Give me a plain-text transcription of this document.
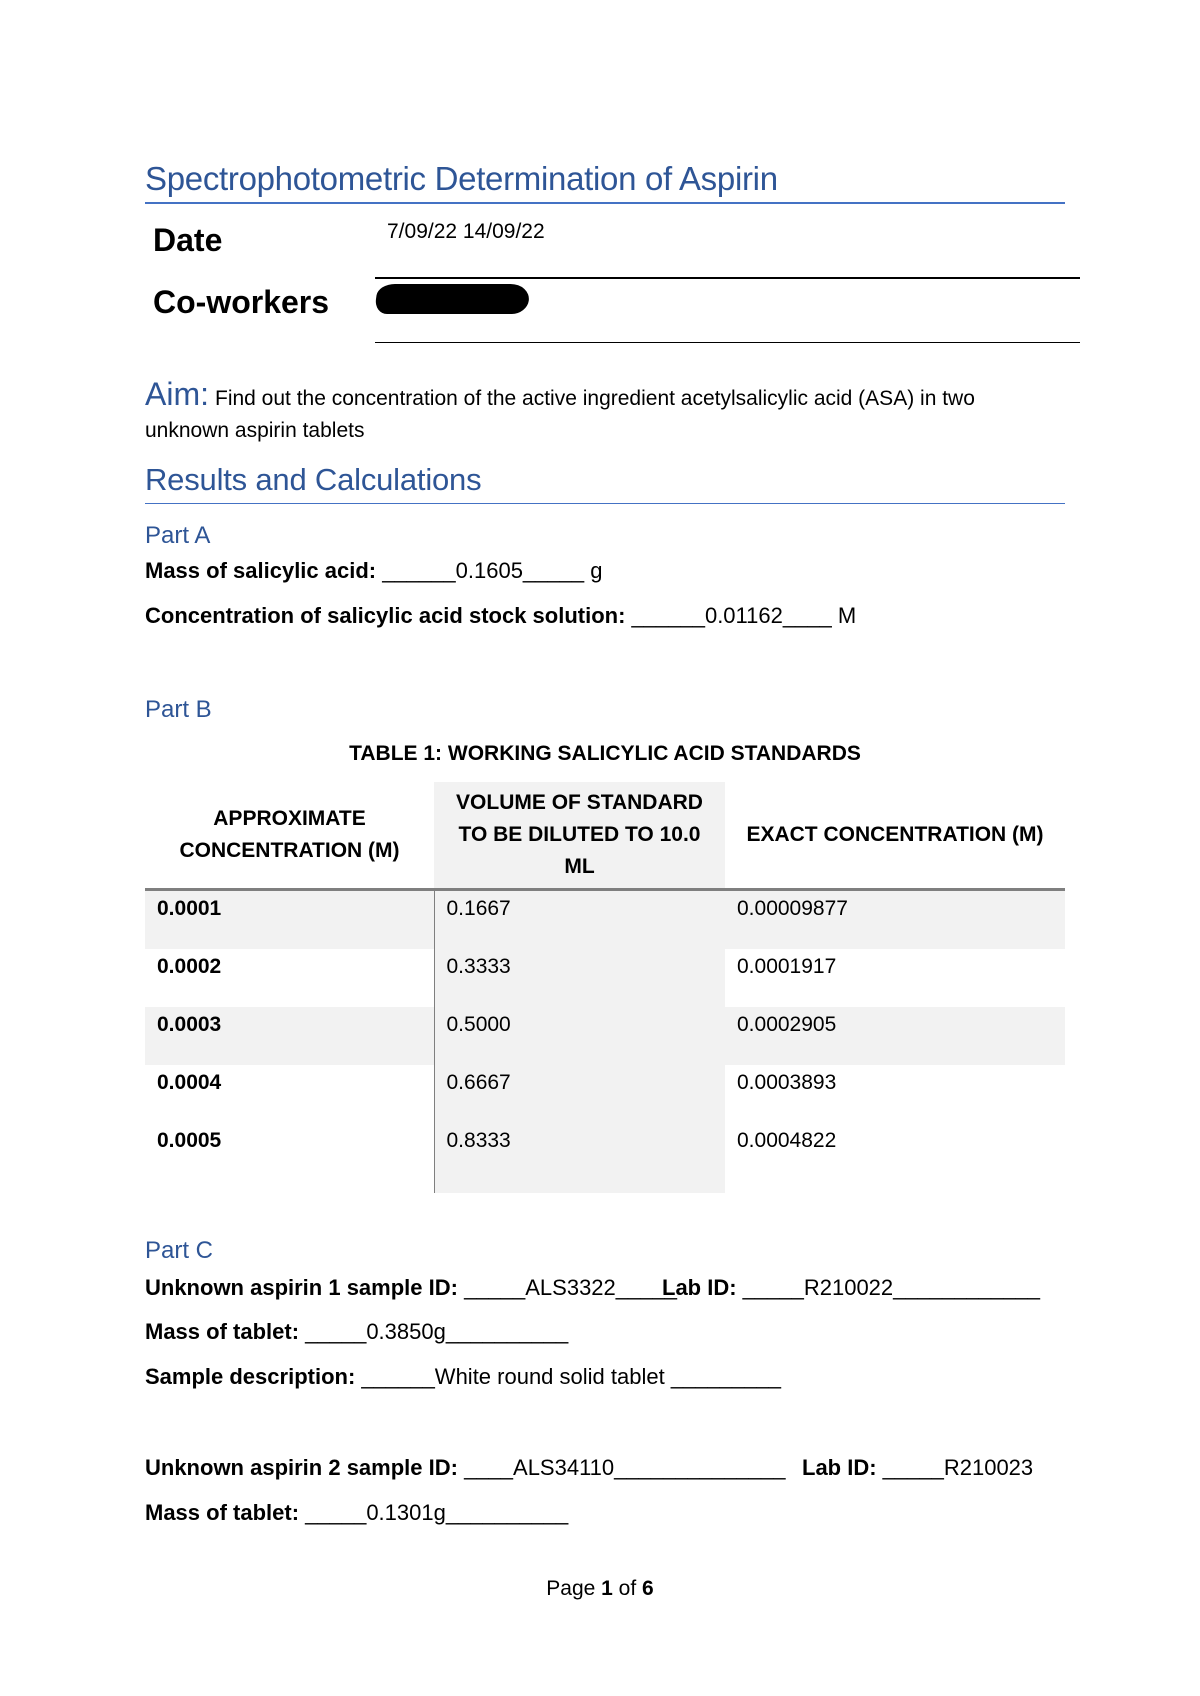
Spectrophotometric Determination of Aspirin
Date	7/09/22 14/09/22
Co-workers
Aim: Find out the concentration of the active ingredient acetylsalicylic acid (ASA) in two unknown aspirin tablets
Results and Calculations
Part A
Mass of salicylic acid: ______0.1605_____ g
Concentration of salicylic acid stock solution: ______0.01162____ M
Part B
TABLE 1: WORKING SALICYLIC ACID STANDARDS
APPROXIMATE CONCENTRATION (M)	VOLUME OF STANDARD TO BE DILUTED TO 10.0 ML	EXACT CONCENTRATION (M)
0.0001	0.1667	0.00009877
0.0002	0.3333	0.0001917
0.0003	0.5000	0.0002905
0.0004	0.6667	0.0003893
0.0005	0.8333	0.0004822
Part C
Unknown aspirin 1 sample ID: _____ALS3322_____
Lab ID: _____R210022____________
Mass of tablet: _____0.3850g__________
Sample description: ______White round solid tablet _________
Unknown aspirin 2 sample ID: ____ALS34110______________ Lab ID: _____R210023
Mass of tablet: _____0.1301g__________
Page 1 of 6
